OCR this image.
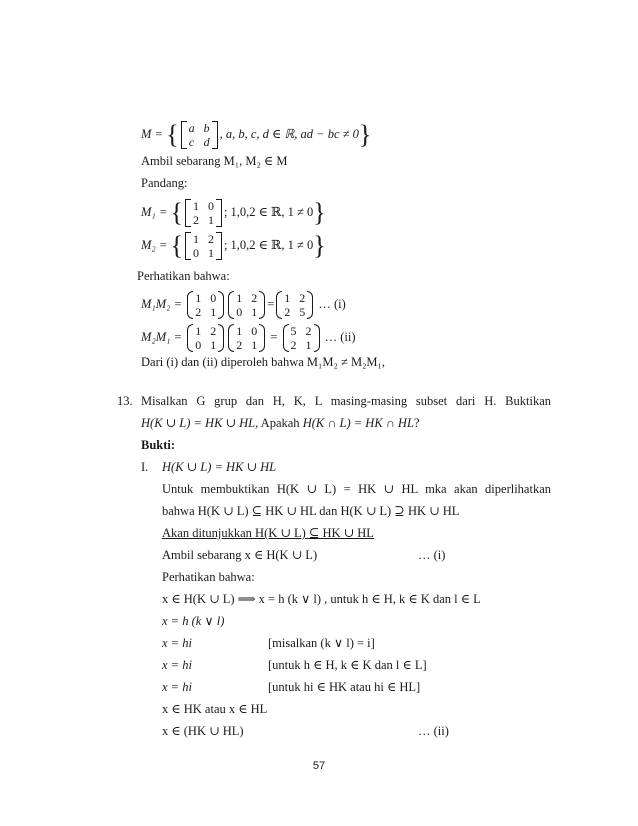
M = { a b
c d
, a, b, c, d ∈ ℝ, ad − bc ≠ 0}
Ambil sebarang M₁, M₂ ∈ M
Pandang:
M₁ = { 1 0
2 1
; 1,0,2 ∈ ℝ, 1 ≠ 0}
M₂ = { 1 2
0 1
; 1,0,2 ∈ ℝ, 1 ≠ 0}
Perhatikan bahwa:
M₁M₂ = 1 0
2 1
1 2
0 1
= 1 2
2 5
… (i)
M₂M₁ = 1 2
0 1
1 0
2 1
= 5 2
2 1
… (ii)
Dari (i) dan (ii) diperoleh bahwa M₁M₂ ≠ M₂M₁,
13. Misalkan G grup dan H, K, L masing-masing subset dari H. Buktikan
H(K ∪ L) = HK ∪ HL, Apakah H(K ∩ L) = HK ∩ HL?
Bukti:
I. H(K ∪ L) = HK ∪ HL
Untuk membuktikan H(K ∪ L) = HK ∪ HL mka akan diperlihatkan
bahwa H(K ∪ L) ⊆ HK ∪ HL dan H(K ∪ L) ⊇ HK ∪ HL
Akan ditunjukkan H(K ∪ L) ⊆ HK ∪ HL
Ambil sebarang x ∈ H(K ∪ L)	… (i)
Perhatikan bahwa:
x ∈ H(K ∪ L) ⟹ x = h (k ∨ l) , untuk h ∈ H, k ∈ K dan l ∈ L
x = h (k ∨ l)
x = hi	[misalkan (k ∨ l) = i]
x = hi	[untuk h ∈ H, k ∈ K dan l ∈ L]
x = hi	[untuk hi ∈ HK atau hi ∈ HL]
x ∈ HK atau x ∈ HL
x ∈ (HK ∪ HL)	… (ii)
57
